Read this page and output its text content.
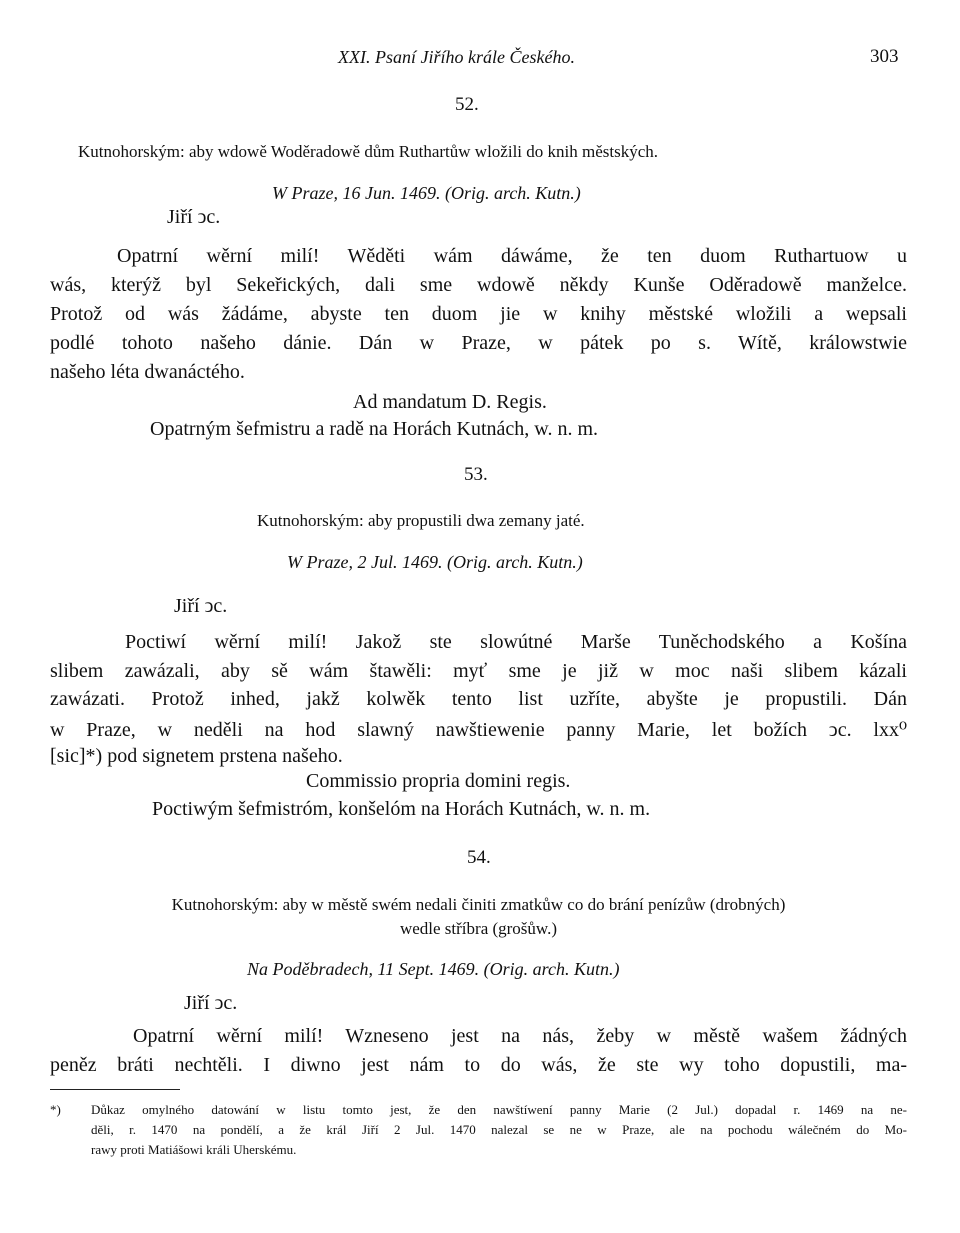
XXI. Psaní Jiřího krále Českého.	303
52.
Kutnohorským: aby wdowě Woděradowě dům Ruthartůw wložili do knih městských.
W Praze, 16 Jun. 1469. (Orig. arch. Kutn.)
Jiří ↄc.
Opatrní wěrní milí! Wěděti wám dáwáme, že ten duom Ruthartuow u
wás, kterýž byl Sekeřických, dali sme wdowě někdy Kunše Oděradowě manželce.
Protož od wás žádáme, abyste ten duom jie w knihy městské wložili a wepsali
podlé tohoto našeho dánie. Dán w Praze, w pátek po s. Wítě, králowstwie
našeho léta dwanáctého.
Ad mandatum D. Regis.
Opatrným šefmistru a radě na Horách Kutnách, w. n. m.
53.
Kutnohorským: aby propustili dwa zemany jaté.
W Praze, 2 Jul. 1469. (Orig. arch. Kutn.)
Jiří ↄc.
Poctiwí wěrní milí! Jakož ste slowútné Marše Tuněchodského a Košína
slibem zawázali, aby sě wám štawěli: myť sme je již w moc naši slibem kázali
zawázati. Protož inhed, jakž kolwěk tento list uzříte, abyšte je propustili. Dán
w Praze, w neděli na hod slawný nawštiewenie panny Marie, let božích ↄc. lxx⁰
[sic]*) pod signetem prstena našeho.
Commissio propria domini regis.
Poctiwým šefmistróm, konšelóm na Horách Kutnách, w. n. m.
54.
Kutnohorským: aby w městě swém nedali činiti zmatkůw co do brání penízůw (drobných)
wedle stříbra (grošůw.)
Na Poděbradech, 11 Sept. 1469. (Orig. arch. Kutn.)
Jiří ↄc.
Opatrní wěrní milí! Wzneseno jest na nás, žeby w městě wašem žádných
peněz bráti nechtěli. I diwno jest nám to do wás, že ste wy toho dopustili, ma-
*) Důkaz omylného datowání w listu tomto jest, že den nawštíwení panny Marie (2 Jul.) dopadal r. 1469 na ne-
děli, r. 1470 na pondělí, a že král Jiří 2 Jul. 1470 nalezal se ne w Praze, ale na pochodu wálečném do Mo-
rawy proti Matiášowi králi Uherskému.
